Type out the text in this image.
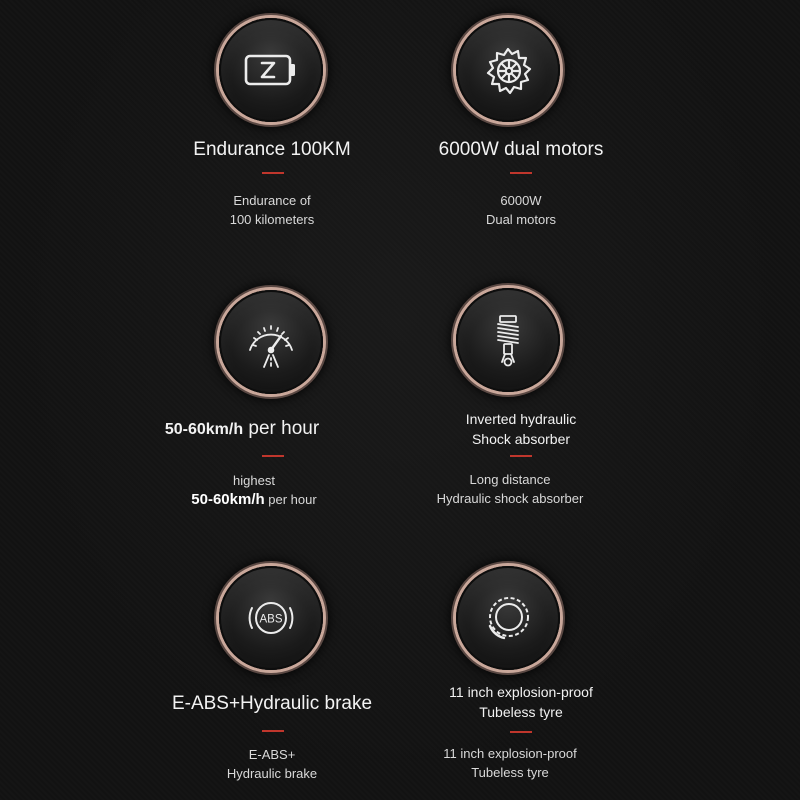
Endurance 100KM
Endurance of
100 kilometers
6000W dual motors
6000W
Dual motors
50-60km/h per hour
highest
50-60km/h per hour
Inverted hydraulic
Shock absorber
Long distance
Hydraulic shock absorber
ABS
E-ABS+Hydraulic brake
E-ABS+
Hydraulic brake
11 inch explosion-proof
Tubeless tyre
11 inch explosion-proof
Tubeless tyre
